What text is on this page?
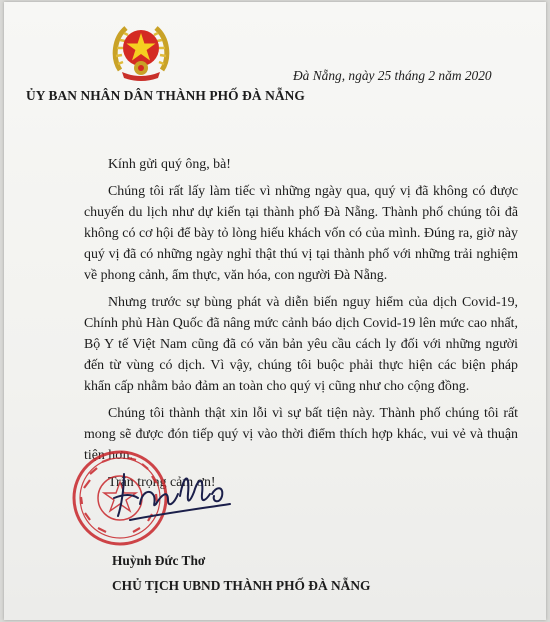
ỦY BAN NHÂN DÂN THÀNH PHỐ ĐÀ NẴNG
Đà Nẵng, ngày 25 tháng 2 năm 2020

Kính gửi quý ông, bà!

Chúng tôi rất lấy làm tiếc vì những ngày qua, quý vị đã không có được chuyến du lịch như dự kiến tại thành phố Đà Nẵng. Thành phố chúng tôi đã không có cơ hội để bày tỏ lòng hiếu khách vốn có của mình. Đúng ra, giờ này quý vị đã có những ngày nghỉ thật thú vị tại thành phố với những trải nghiệm về phong cảnh, ẩm thực, văn hóa, con người Đà Nẵng.

Nhưng trước sự bùng phát và diễn biến nguy hiểm của dịch Covid-19, Chính phủ Hàn Quốc đã nâng mức cảnh báo dịch Covid-19 lên mức cao nhất, Bộ Y tế Việt Nam cũng đã có văn bản yêu cầu cách ly đối với những người đến từ vùng có dịch. Vì vậy, chúng tôi buộc phải thực hiện các biện pháp khẩn cấp nhằm bảo đảm an toàn cho quý vị cũng như cho cộng đồng.

Chúng tôi thành thật xin lỗi vì sự bất tiện này. Thành phố chúng tôi rất mong sẽ được đón tiếp quý vị vào thời điểm thích hợp khác, vui vẻ và thuận tiện hơn.

Trân trọng cảm ơn!

Huỳnh Đức Thơ
CHỦ TỊCH UBND THÀNH PHỐ ĐÀ NẴNG
